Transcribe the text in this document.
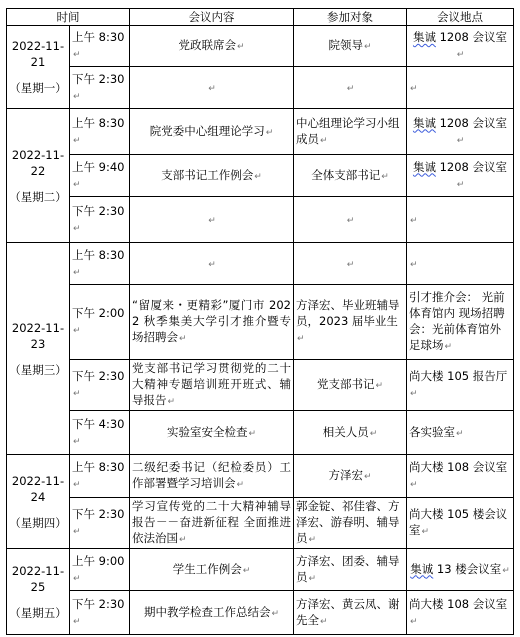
时间		会议内容	参加对象	会议地点
2022-11-21
（星期一）	上午 8:30↵	党政联席会↵	院领导↵	集诚 1208 会议室↵
	下午 2:30↵	↵	↵	↵
2022-11-22
（星期二）	上午 8:30↵	院党委中心组理论学习↵	中心组理论学习小组成员↵	集诚 1208 会议室↵
	上午 9:40↵	支部书记工作例会↵	全体支部书记↵	集诚 1208 会议室↵
	下午 2:30↵	↵	↵	↵
2022-11-23
（星期三）	上午 8:30↵	↵	↵	↵
	下午 2:00↵	“留厦来・更精彩”厦门市 2022 秋季集美大学引才推介暨专场招聘会↵	方泽宏、毕业班辅导员，2023 届毕业生↵	引才推介会： 光前体育馆内 现场招聘会：光前体育馆外足球场↵
	下午 2:30↵	党支部书记学习贯彻党的二十大精神专题培训班开班式、辅导报告↵	党支部书记↵	尚大楼 105 报告厅↵
	下午 4:30↵	实验室安全检查↵	相关人员↵	各实验室↵
2022-11-24
（星期四）	上午 8:30↵	二级纪委书记（纪检委员）工作部署暨学习培训会↵	方泽宏↵	尚大楼 108 会议室↵
	下午 2:30↵	学习宣传党的二十大精神辅导报告－－奋进新征程 全面推进依法治国↵	郭金锭、祁佳睿、方泽宏、游春明、辅导员↵	尚大楼 105 楼会议室↵
2022-11-25
（星期五）	上午 9:00↵	学生工作例会↵	方泽宏、团委、辅导员↵	集诚 13 楼会议室↵
	下午 2:30↵	期中教学检查工作总结会↵	方泽宏、黄云凤、谢先全↵	尚大楼 108 会议室↵
